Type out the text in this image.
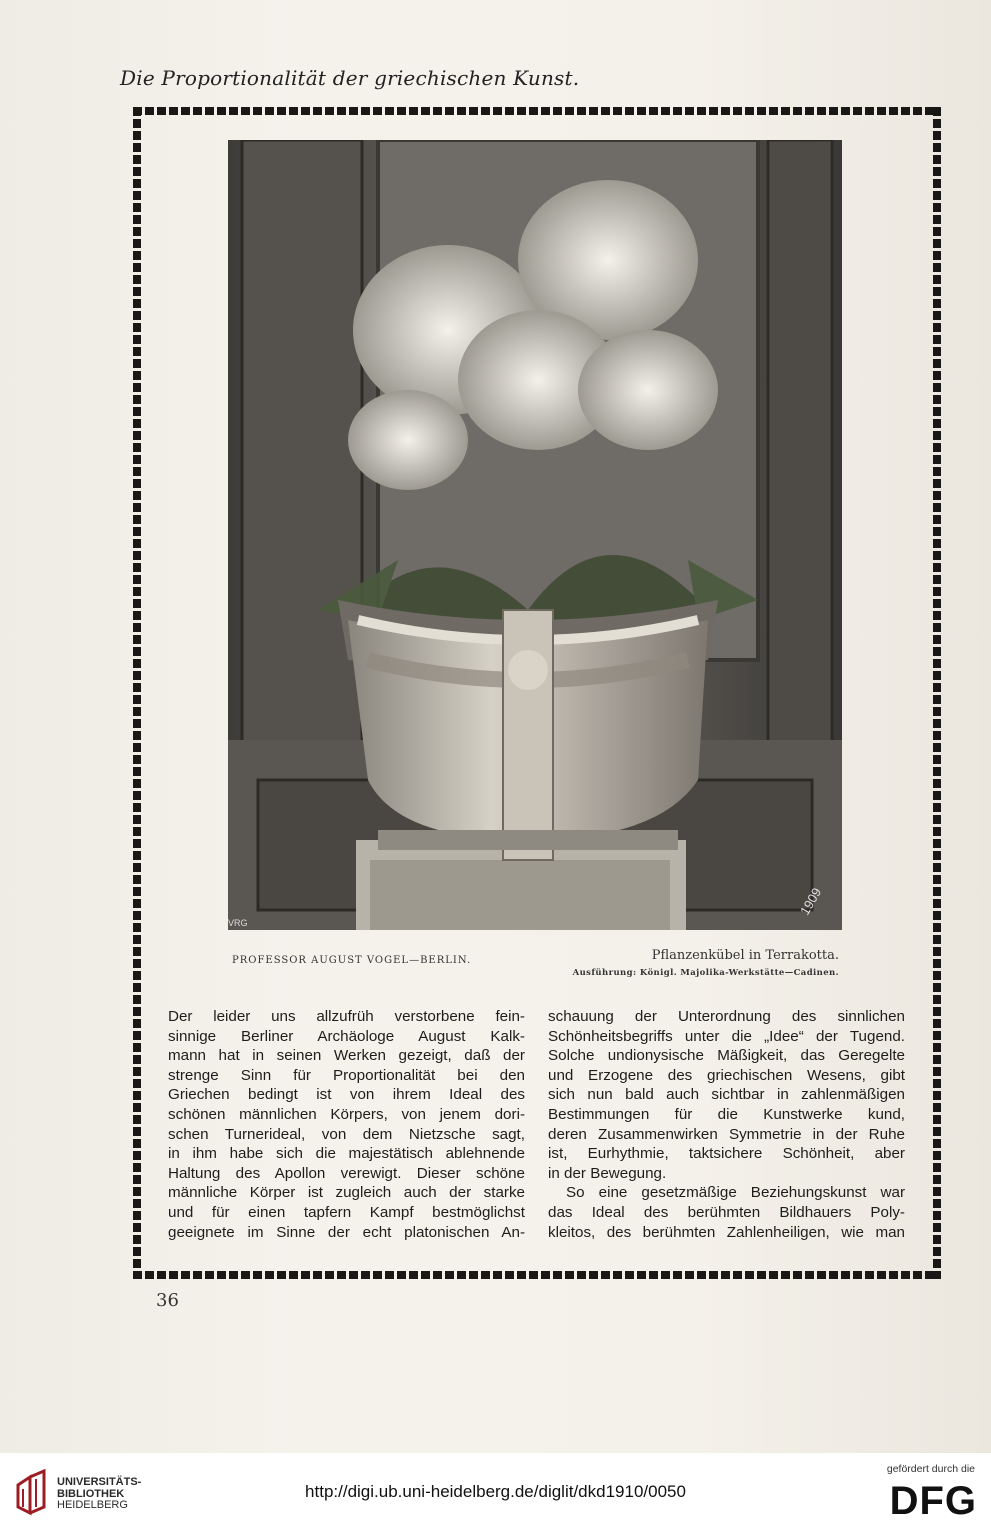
Die Proportionalität der griechischen Kunst.
VRG
1909
PROFESSOR AUGUST VOGEL—BERLIN.	Pflanzenkübel in Terrakotta.
Ausführung: Königl. Majolika-Werkstätte—Cadinen.
Der leider uns allzufrüh verstorbene fein-
sinnige Berliner Archäologe August Kalk-
mann hat in seinen Werken gezeigt, daß der
strenge Sinn für Proportionalität bei den
Griechen bedingt ist von ihrem Ideal des
schönen männlichen Körpers, von jenem dori-
schen Turnerideal, von dem Nietzsche sagt,
in ihm habe sich die majestätisch ablehnende
Haltung des Apollon verewigt. Dieser schöne
männliche Körper ist zugleich auch der starke
und für einen tapfern Kampf bestmöglichst
geeignete im Sinne der echt platonischen An-
schauung der Unterordnung des sinnlichen
Schönheitsbegriffs unter die „Idee“ der Tugend.
Solche undionysische Mäßigkeit, das Geregelte
und Erzogene des griechischen Wesens, gibt
sich nun bald auch sichtbar in zahlenmäßigen
Bestimmungen für die Kunstwerke kund,
deren Zusammenwirken Symmetrie in der Ruhe
ist, Eurhythmie, taktsichere Schönheit, aber
in der Bewegung.
So eine gesetzmäßige Beziehungskunst war
das Ideal des berühmten Bildhauers Poly-
kleitos, des berühmten Zahlenheiligen, wie man
36
UNIVERSITÄTS-
BIBLIOTHEK
HEIDELBERG
http://digi.ub.uni-heidelberg.de/diglit/dkd1910/0050
gefördert durch die
DFG
